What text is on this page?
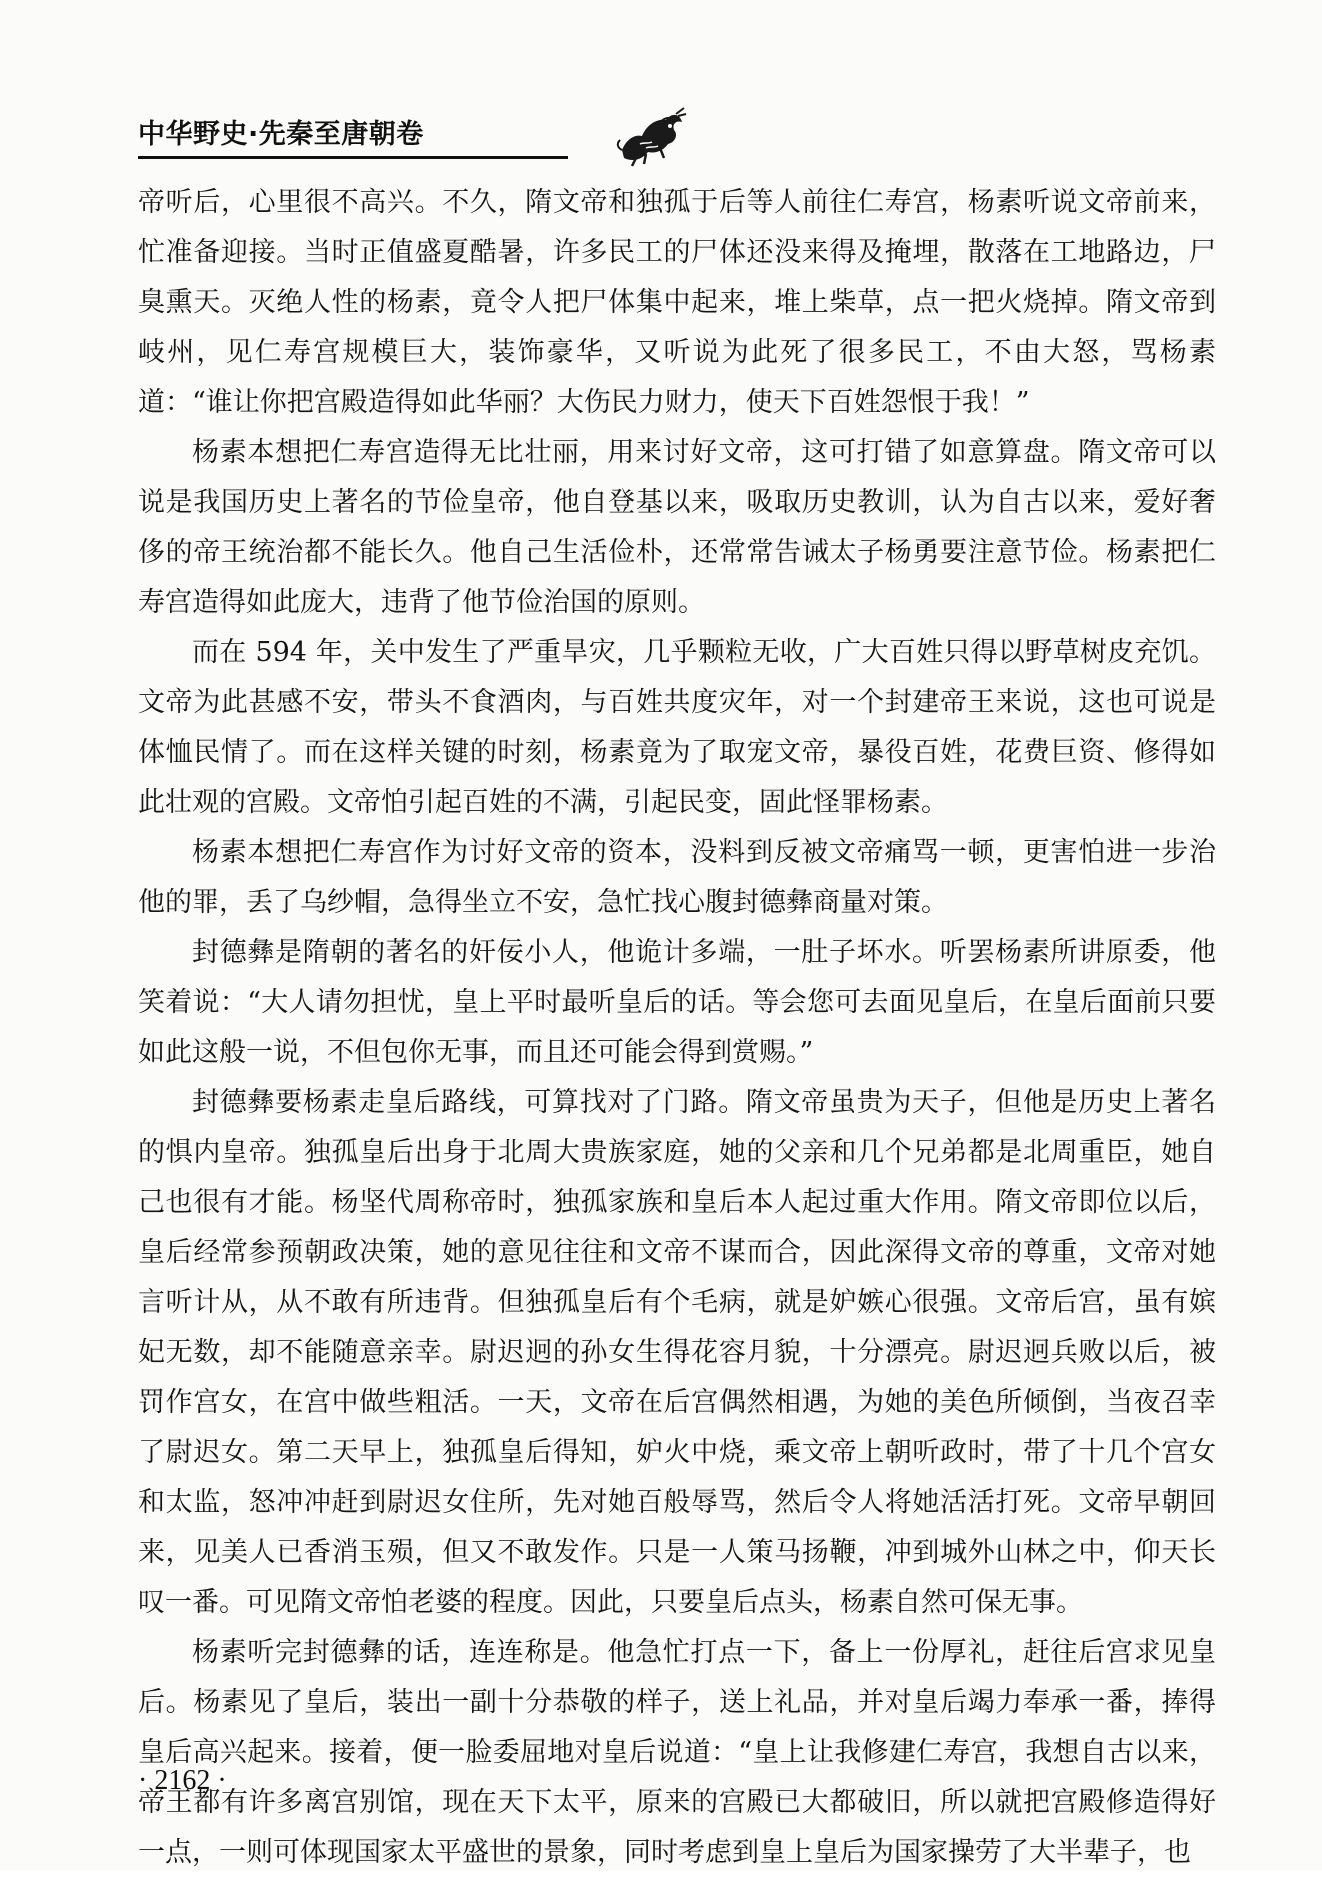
中华野史·先秦至唐朝卷

帝听后，心里很不高兴。不久，隋文帝和独孤于后等人前往仁寿宫，杨素听说文帝前来，忙准备迎接。当时正值盛夏酷暑，许多民工的尸体还没来得及掩埋，散落在工地路边，尸臭熏天。灭绝人性的杨素，竟令人把尸体集中起来，堆上柴草，点一把火烧掉。隋文帝到岐州，见仁寿宫规模巨大，装饰豪华，又听说为此死了很多民工，不由大怒，骂杨素道：“谁让你把宫殿造得如此华丽？大伤民力财力，使天下百姓怨恨于我！”

杨素本想把仁寿宫造得无比壮丽，用来讨好文帝，这可打错了如意算盘。隋文帝可以说是我国历史上著名的节俭皇帝，他自登基以来，吸取历史教训，认为自古以来，爱好奢侈的帝王统治都不能长久。他自己生活俭朴，还常常告诫太子杨勇要注意节俭。杨素把仁寿宫造得如此庞大，违背了他节俭治国的原则。

而在 594 年，关中发生了严重旱灾，几乎颗粒无收，广大百姓只得以野草树皮充饥。文帝为此甚感不安，带头不食酒肉，与百姓共度灾年，对一个封建帝王来说，这也可说是体恤民情了。而在这样关键的时刻，杨素竟为了取宠文帝，暴役百姓，花费巨资、修得如此壮观的宫殿。文帝怕引起百姓的不满，引起民变，固此怪罪杨素。

杨素本想把仁寿宫作为讨好文帝的资本，没料到反被文帝痛骂一顿，更害怕进一步治他的罪，丢了乌纱帽，急得坐立不安，急忙找心腹封德彝商量对策。

封德彝是隋朝的著名的奸佞小人，他诡计多端，一肚子坏水。听罢杨素所讲原委，他笑着说：“大人请勿担忧，皇上平时最听皇后的话。等会您可去面见皇后，在皇后面前只要如此这般一说，不但包你无事，而且还可能会得到赏赐。”

封德彝要杨素走皇后路线，可算找对了门路。隋文帝虽贵为天子，但他是历史上著名的惧内皇帝。独孤皇后出身于北周大贵族家庭，她的父亲和几个兄弟都是北周重臣，她自己也很有才能。杨坚代周称帝时，独孤家族和皇后本人起过重大作用。隋文帝即位以后，皇后经常参预朝政决策，她的意见往往和文帝不谋而合，因此深得文帝的尊重，文帝对她言听计从，从不敢有所违背。但独孤皇后有个毛病，就是妒嫉心很强。文帝后宫，虽有嫔妃无数，却不能随意亲幸。尉迟迥的孙女生得花容月貌，十分漂亮。尉迟迥兵败以后，被罚作宫女，在宫中做些粗活。一天，文帝在后宫偶然相遇，为她的美色所倾倒，当夜召幸了尉迟女。第二天早上，独孤皇后得知，妒火中烧，乘文帝上朝听政时，带了十几个宫女和太监，怒冲冲赶到尉迟女住所，先对她百般辱骂，然后令人将她活活打死。文帝早朝回来，见美人已香消玉殒，但又不敢发作。只是一人策马扬鞭，冲到城外山林之中，仰天长叹一番。可见隋文帝怕老婆的程度。因此，只要皇后点头，杨素自然可保无事。

杨素听完封德彝的话，连连称是。他急忙打点一下，备上一份厚礼，赶往后宫求见皇后。杨素见了皇后，装出一副十分恭敬的样子，送上礼品，并对皇后竭力奉承一番，捧得皇后高兴起来。接着，便一脸委屈地对皇后说道：“皇上让我修建仁寿宫，我想自古以来，帝王都有许多离宫别馆，现在天下太平，原来的宫殿已大都破旧，所以就把宫殿修造得好一点，一则可体现国家太平盛世的景象，同时考虑到皇上皇后为国家操劳了大半辈子，也

· 2162 ·
